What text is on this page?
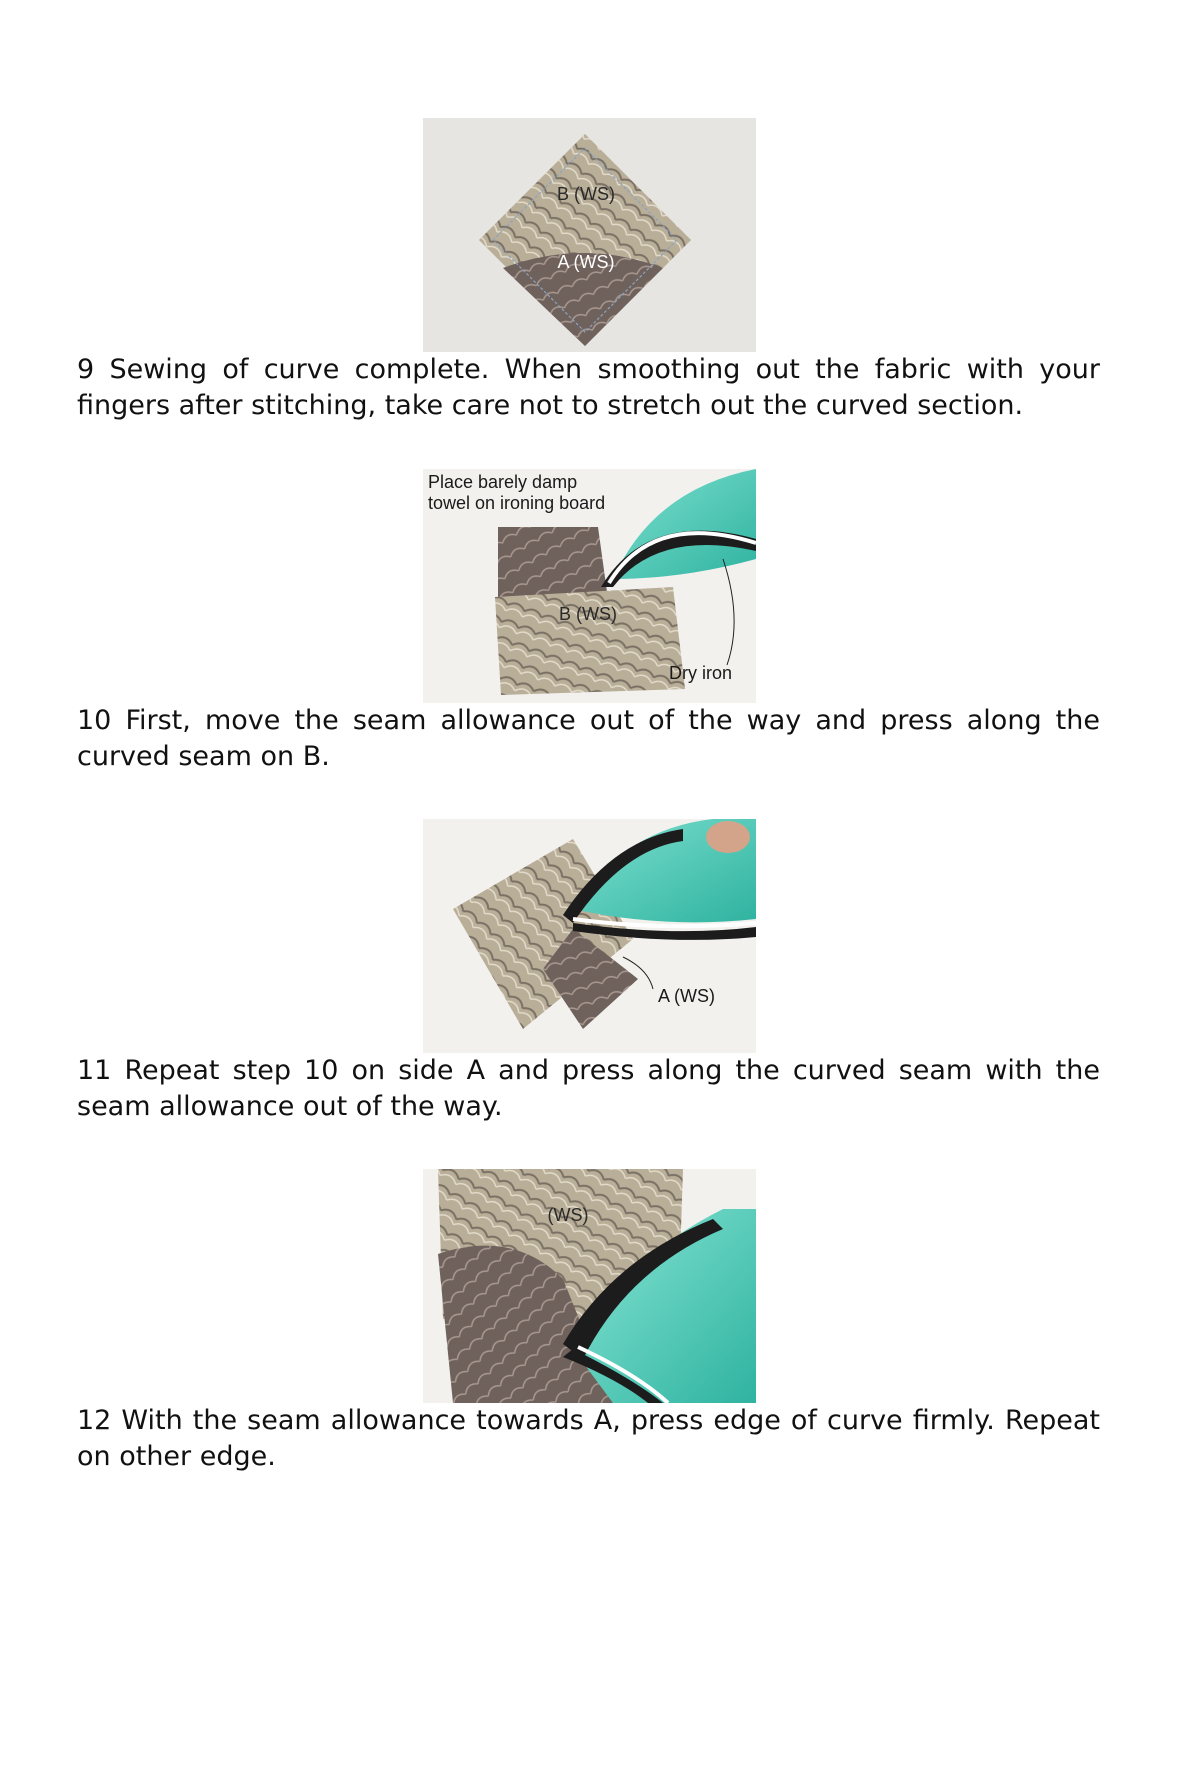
B (WS)
A (WS)

9 Sewing of curve complete. When smoothing out the fabric with your fingers after stitching, take care not to stretch out the curved section.

Place barely damp
towel on ironing board
B (WS)
Dry iron

10 First, move the seam allowance out of the way and press along the curved seam on B.

A (WS)

11 Repeat step 10 on side A and press along the curved seam with the seam allowance out of the way.

(WS)

12 With the seam allowance towards A, press edge of curve firmly. Repeat on other edge.
